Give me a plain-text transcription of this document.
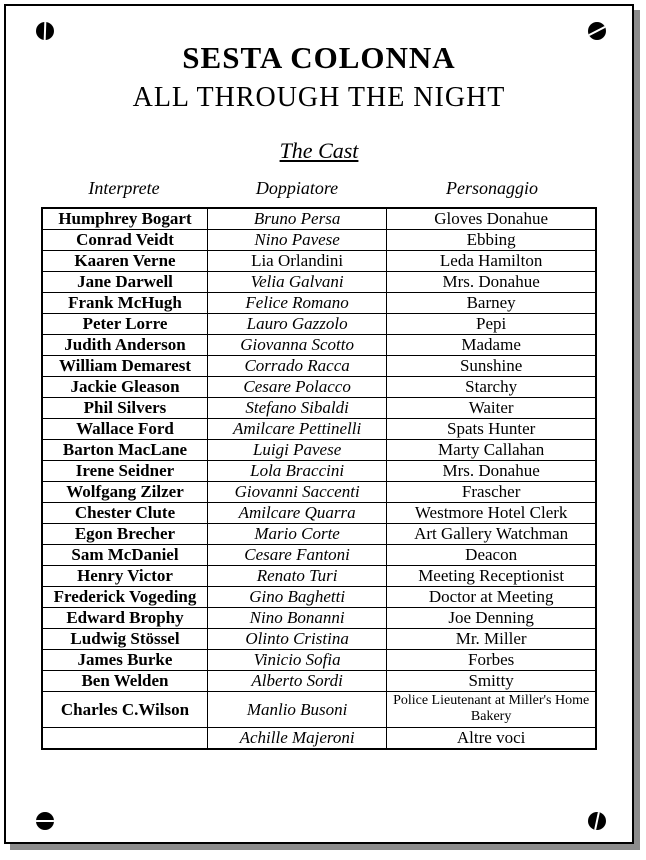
SESTA COLONNA
ALL THROUGH THE NIGHT
The Cast
Interprete	Doppiatore	Personaggio
Humphrey Bogart	Bruno Persa	Gloves Donahue
Conrad Veidt	Nino Pavese	Ebbing
Kaaren Verne	Lia Orlandini	Leda Hamilton
Jane Darwell	Velia Galvani	Mrs. Donahue
Frank McHugh	Felice Romano	Barney
Peter Lorre	Lauro Gazzolo	Pepi
Judith Anderson	Giovanna Scotto	Madame
William Demarest	Corrado Racca	Sunshine
Jackie Gleason	Cesare Polacco	Starchy
Phil Silvers	Stefano Sibaldi	Waiter
Wallace Ford	Amilcare Pettinelli	Spats Hunter
Barton MacLane	Luigi Pavese	Marty Callahan
Irene Seidner	Lola Braccini	Mrs. Donahue
Wolfgang Zilzer	Giovanni Saccenti	Frascher
Chester Clute	Amilcare Quarra	Westmore Hotel Clerk
Egon Brecher	Mario Corte	Art Gallery Watchman
Sam McDaniel	Cesare Fantoni	Deacon
Henry Victor	Renato Turi	Meeting Receptionist
Frederick Vogeding	Gino Baghetti	Doctor at Meeting
Edward Brophy	Nino Bonanni	Joe Denning
Ludwig Stössel	Olinto Cristina	Mr. Miller
James Burke	Vinicio Sofia	Forbes
Ben Welden	Alberto Sordi	Smitty
Charles C.Wilson	Manlio Busoni	Police Lieutenant at Miller's Home Bakery
	Achille Majeroni	Altre voci
